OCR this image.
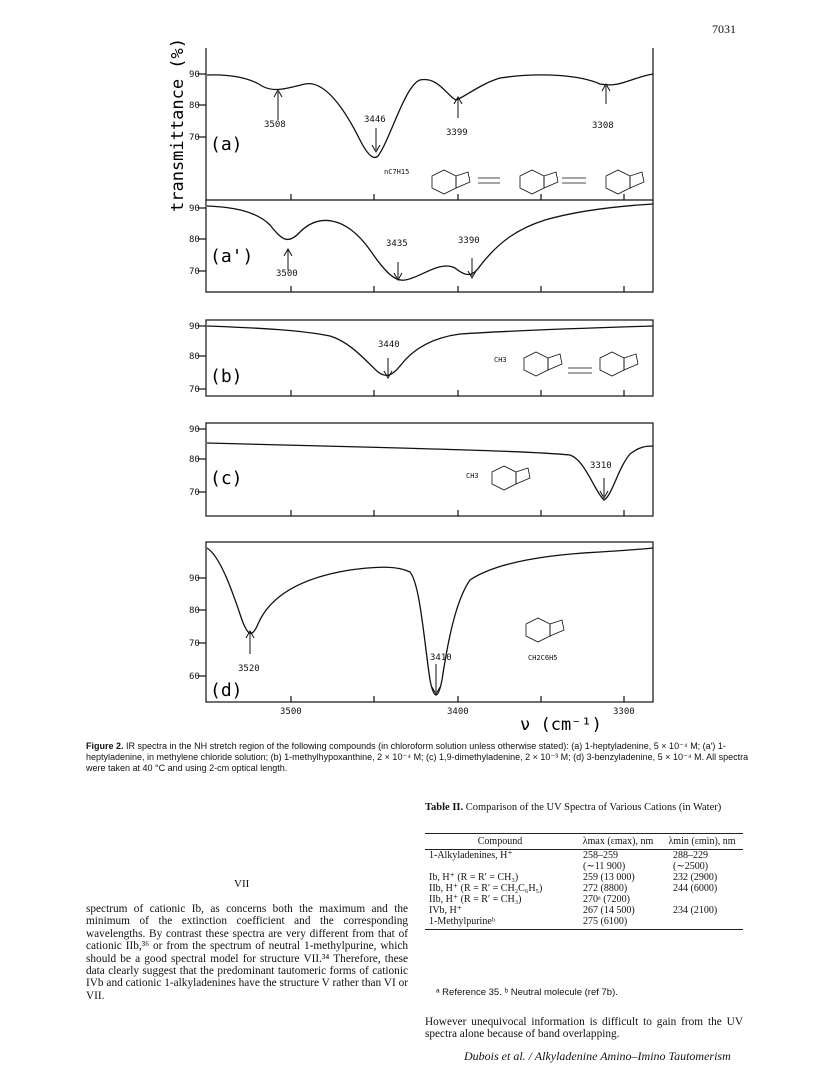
7031
transmittance (%) 90
80
70
3508	3446
3399
3308
nC7H15
(a)
90
80
70	3500
3435	3390
(a')
90
80
70
3440
CH3
(b)
90
80
70
3310
CH3
(c)
90
80
70
60
3520
3410	CH2C6H5
3500	3400	3300
(d)
ν (cm⁻¹)
Figure 2. IR spectra in the NH stretch region of the following compounds (in chloroform solution unless otherwise stated): (a) 1-heptyladenine, 5 × 10⁻⁴ M; (a′) 1-heptyladenine, in methylene chloride solution; (b) 1-methylhypoxanthine, 2 × 10⁻⁴ M; (c) 1,9-dimethyladenine, 2 × 10⁻³ M; (d) 3-benzyladenine, 5 × 10⁻⁴ M. All spectra were taken at 40 °C and using 2-cm optical length.
VII
Table II. Comparison of the UV Spectra of Various Cations (in Water)
Compound	λmax (εmax), nm	λmin (εmin), nm
1-Alkyladenines, H⁺	258–259	288–229
	(∼11 900)	(∼2500)
Ib, H⁺ (R = R′ = CH₃)	259 (13 000)	232 (2900)
IIb, H⁺ (R = R′ = CH₂C₆H₅)	272 (8800)	244 (6000)
IIb, H⁺ (R = R′ = CH₃)	270ᵃ (7200)	
IVb, H⁺	267 (14 500)	234 (2100)
1-Methylpurineᵇ	275 (6100)	
ᵃ Reference 35. ᵇ Neutral molecule (ref 7b).
spectrum of cationic Ib, as concerns both the maximum and the minimum of the extinction coefficient and the corresponding wavelengths. By contrast these spectra are very different from that of cationic IIb,³⁶ or from the spectrum of neutral 1-methylpurine, which should be a good spectral model for structure VII.³⁴ Therefore, these data clearly suggest that the predominant tautomeric forms of cationic IVb and cationic 1-alkyladenines have the structure V rather than VI or VII.
However unequivocal information is difficult to gain from the UV spectra alone because of band overlapping.
Dubois et al. / Alkyladenine Amino–Imino Tautomerism
